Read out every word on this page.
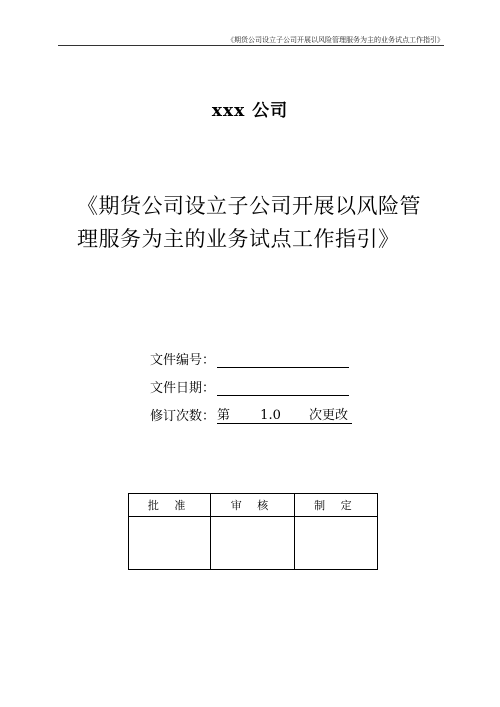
《期货公司设立子公司开展以风险管理服务为主的业务试点工作指引》
xxx 公司
《期货公司设立子公司开展以风险管理服务为主的业务试点工作指引》
文件编号：
文件日期：
修订次数： 第 1.0 次更改
批 准	审 核	制 定
